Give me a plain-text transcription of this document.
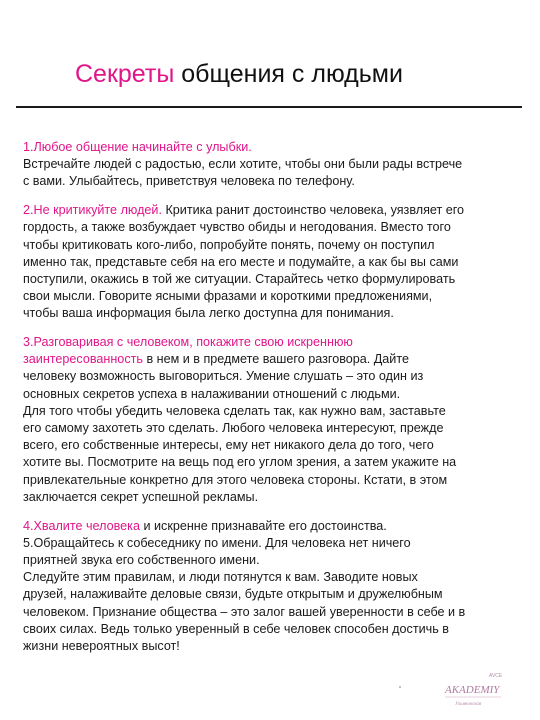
Секреты общения с людьми
1.Любое общение начинайте с улыбки.
Встречайте людей с радостью, если хотите, чтобы они были рады встрече
с вами. Улыбайтесь, приветствуя человека по телефону.
2.Не критикуйте людей. Критика ранит достоинство человека, уязвляет его
гордость, а также возбуждает чувство обиды и негодования. Вместо того
чтобы критиковать кого-либо, попробуйте понять, почему он поступил
именно так, представьте себя на его месте и подумайте, а как бы вы сами
поступили, окажись в той же ситуации. Старайтесь четко формулировать
свои мысли. Говорите ясными фразами и короткими предложениями,
чтобы ваша информация была легко доступна для понимания.
3.Разговаривая с человеком, покажите свою искреннюю
заинтересованность в нем и в предмете вашего разговора. Дайте
человеку возможность выговориться. Умение слушать – это один из
основных секретов успеха в налаживании отношений с людьми.
Для того чтобы убедить человека сделать так, как нужно вам, заставьте
его самому захотеть это сделать. Любого человека интересуют, прежде
всего, его собственные интересы, ему нет никакого дела до того, чего
хотите вы. Посмотрите на вещь под его углом зрения, а затем укажите на
привлекательные конкретно для этого человека стороны. Кстати, в этом
заключается секрет успешной рекламы.
4.Хвалите человека и искренне признавайте его достоинства.
5.Обращайтесь к собеседнику по имени. Для человека нет ничего
приятней звука его собственного имени.
Следуйте этим правилам, и люди потянутся к вам. Заводите новых
друзей, налаживайте деловые связи, будьте открытым и дружелюбным
человеком. Признание общества – это залог вашей уверенности в себе и в
своих силах. Ведь только уверенный в себе человек способен достичь в
жизни невероятных высот!
AVCE
AKADEMIY
Ульяновская
